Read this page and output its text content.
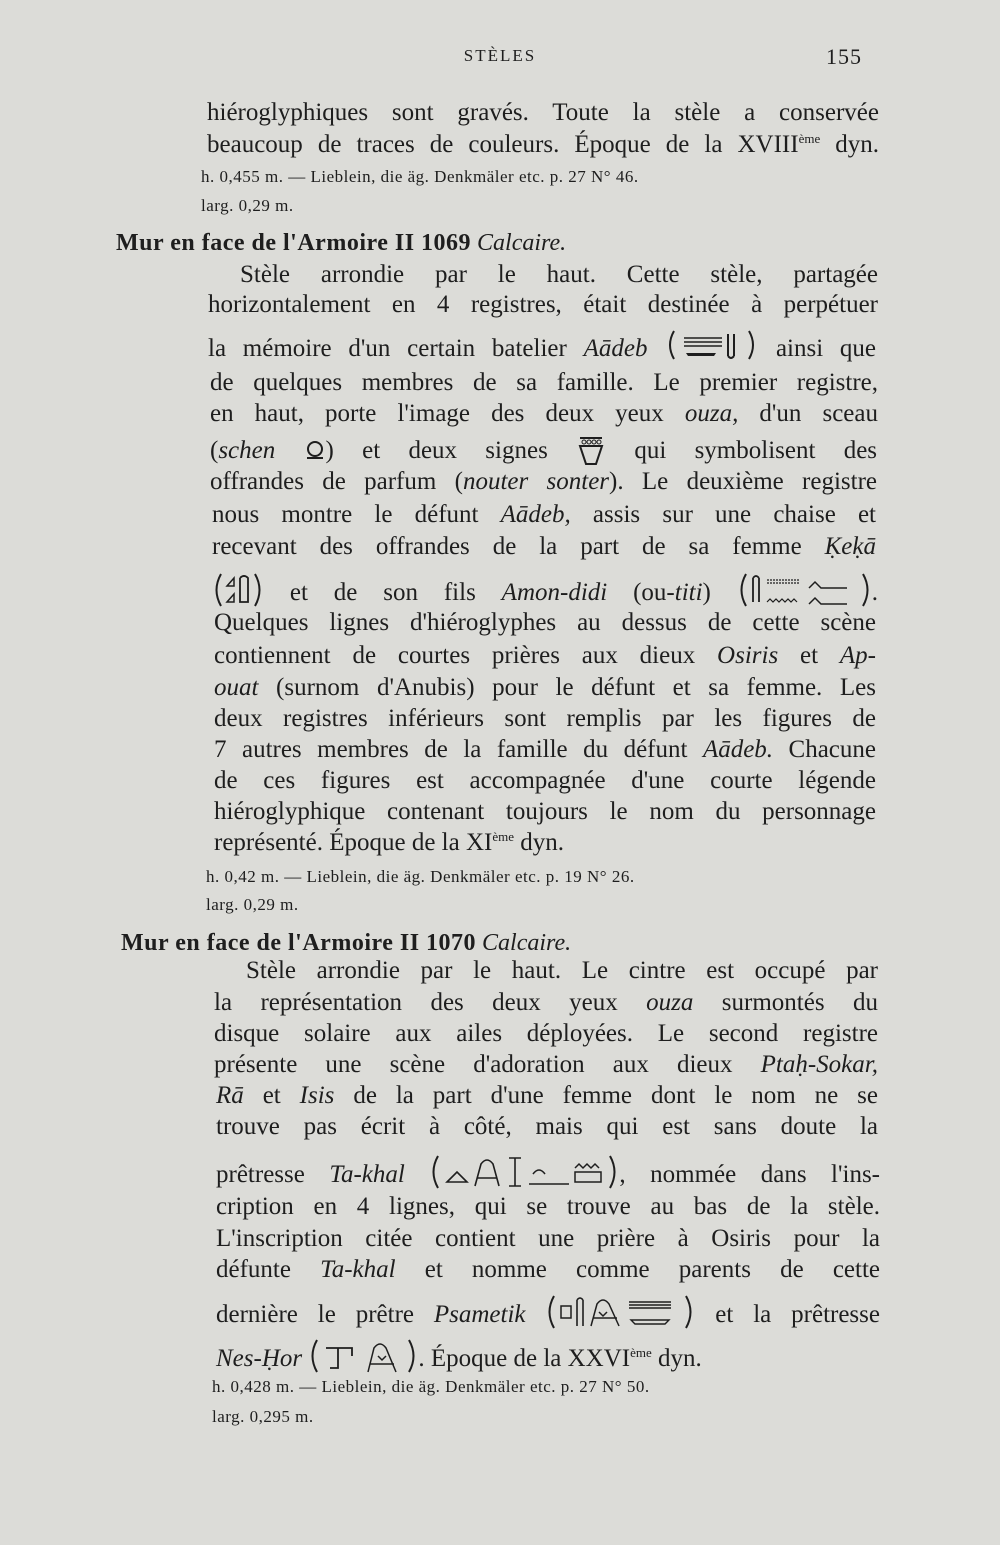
STÈLES	155
hiéroglyphiques sont gravés. Toute la stèle a conservée
beaucoup de traces de couleurs. Époque de la XVIIIème dyn.
h. 0,455 m. — Lieblein, die äg. Denkmäler etc. p. 27 N° 46.
larg. 0,29 m.
Mur en face de l'Armoire II 1069 Calcaire.
Stèle arrondie par le haut. Cette stèle, partagée
horizontalement en 4 registres, était destinée à perpétuer
la mémoire d'un certain batelier Aādeb	ainsi que
de quelques membres de sa famille. Le premier registre,
en haut, porte l'image des deux yeux ouza, d'un sceau
(schen ) et deux signes  qui symbolisent des
offrandes de parfum (nouter sonter). Le deuxième registre
nous montre le défunt Aādeb, assis sur une chaise et
recevant des offrandes de la part de sa femme Ḳeḳā
et de son fils Amon-didi (ou-titi)	.
Quelques lignes d'hiéroglyphes au dessus de cette scène
contiennent de courtes prières aux dieux Osiris et Ap-
ouat (surnom d'Anubis) pour le défunt et sa femme. Les
deux registres inférieurs sont remplis par les figures de
7 autres membres de la famille du défunt Aādeb. Chacune
de ces figures est accompagnée d'une courte légende
hiéroglyphique contenant toujours le nom du personnage
représenté. Époque de la XIème dyn.
h. 0,42 m. — Lieblein, die äg. Denkmäler etc. p. 19 N° 26.
larg. 0,29 m.
Mur en face de l'Armoire II 1070 Calcaire.
Stèle arrondie par le haut. Le cintre est occupé par
la représentation des deux yeux ouza surmontés du
disque solaire aux ailes déployées. Le second registre
présente une scène d'adoration aux dieux Ptaḥ-Sokar,
Rā et Isis de la part d'une femme dont le nom ne se
trouve pas écrit à côté, mais qui est sans doute la
prêtresse Ta-khal	, nommée dans l'ins-
cription en 4 lignes, qui se trouve au bas de la stèle.
L'inscription citée contient une prière à Osiris pour la
défunte Ta-khal et nomme comme parents de cette
dernière le prêtre Psametik	et la prêtresse
Nes-Ḥor	. Époque de la XXVIème dyn.
h. 0,428 m. — Lieblein, die äg. Denkmäler etc. p. 27 N° 50.
larg. 0,295 m.
